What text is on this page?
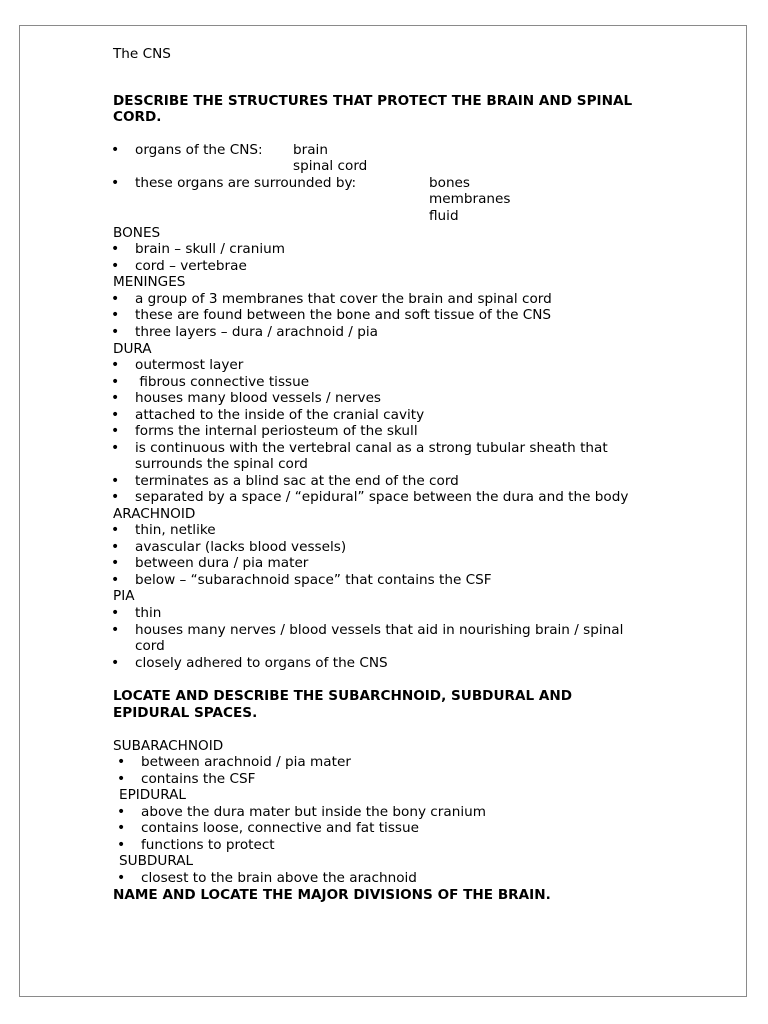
The CNS
DESCRIBE THE STRUCTURES THAT PROTECT THE BRAIN AND SPINAL
CORD.
• organs of the CNS: brain
spinal cord
• these organs are surrounded by:	bones
membranes
fluid
BONES
• brain – skull / cranium
• cord – vertebrae
MENINGES
• a group of 3 membranes that cover the brain and spinal cord
• these are found between the bone and soft tissue of the CNS
• three layers – dura / arachnoid / pia
DURA
• outermost layer
• fibrous connective tissue
• houses many blood vessels / nerves
• attached to the inside of the cranial cavity
• forms the internal periosteum of the skull
• is continuous with the vertebral canal as a strong tubular sheath that
surrounds the spinal cord
• terminates as a blind sac at the end of the cord
• separated by a space / “epidural” space between the dura and the body
ARACHNOID
• thin, netlike
• avascular (lacks blood vessels)
• between dura / pia mater
• below – “subarachnoid space” that contains the CSF
PIA
• thin
• houses many nerves / blood vessels that aid in nourishing brain / spinal
cord
• closely adhered to organs of the CNS
LOCATE AND DESCRIBE THE SUBARCHNOID, SUBDURAL AND
EPIDURAL SPACES.
SUBARACHNOID
• between arachnoid / pia mater
• contains the CSF
EPIDURAL
• above the dura mater but inside the bony cranium
• contains loose, connective and fat tissue
• functions to protect
SUBDURAL
• closest to the brain above the arachnoid
NAME AND LOCATE THE MAJOR DIVISIONS OF THE BRAIN.
